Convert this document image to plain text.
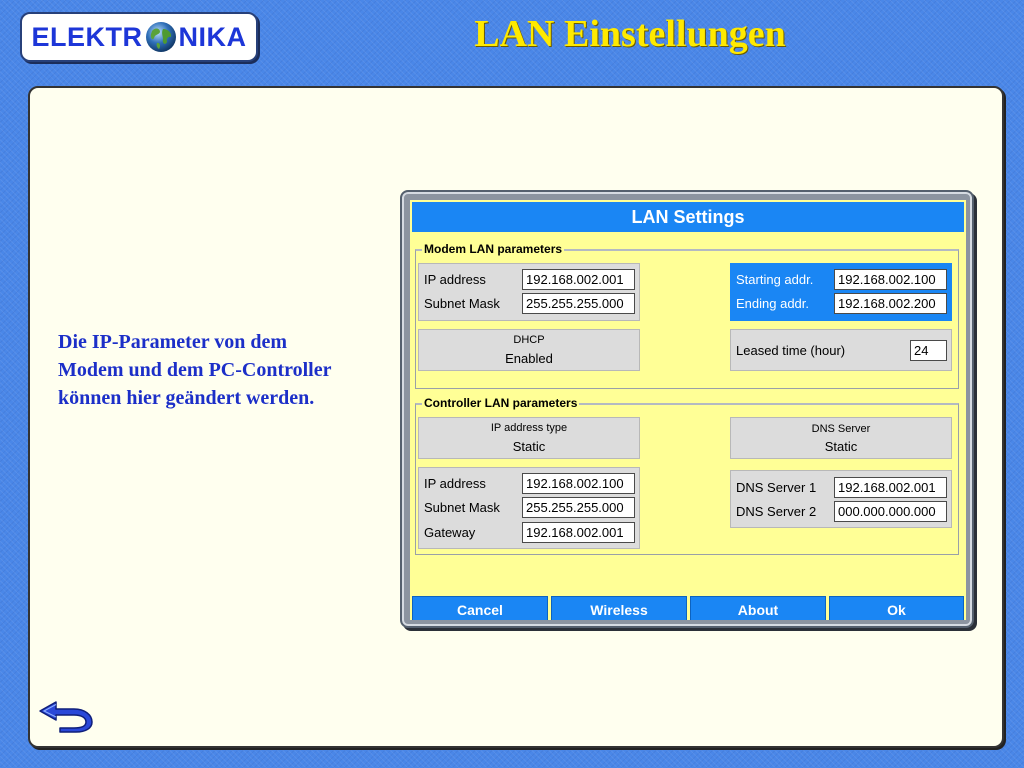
ELEKTR NIKA	LAN Einstellungen
Die IP-Parameter von dem
Modem und dem PC-Controller
können hier geändert werden.
LAN Settings
Modem LAN parameters
IP address	192.168.002.001
Subnet Mask	255.255.255.000
Starting addr.	192.168.002.100
Ending addr.	192.168.002.200
DHCP
Enabled
Leased time (hour)	24
Controller LAN parameters
IP address type
Static
DNS Server
Static
IP address	192.168.002.100
Subnet Mask	255.255.255.000
Gateway	192.168.002.001
DNS Server 1	192.168.002.001
DNS Server 2	000.000.000.000
Cancel	Wireless	About	Ok
